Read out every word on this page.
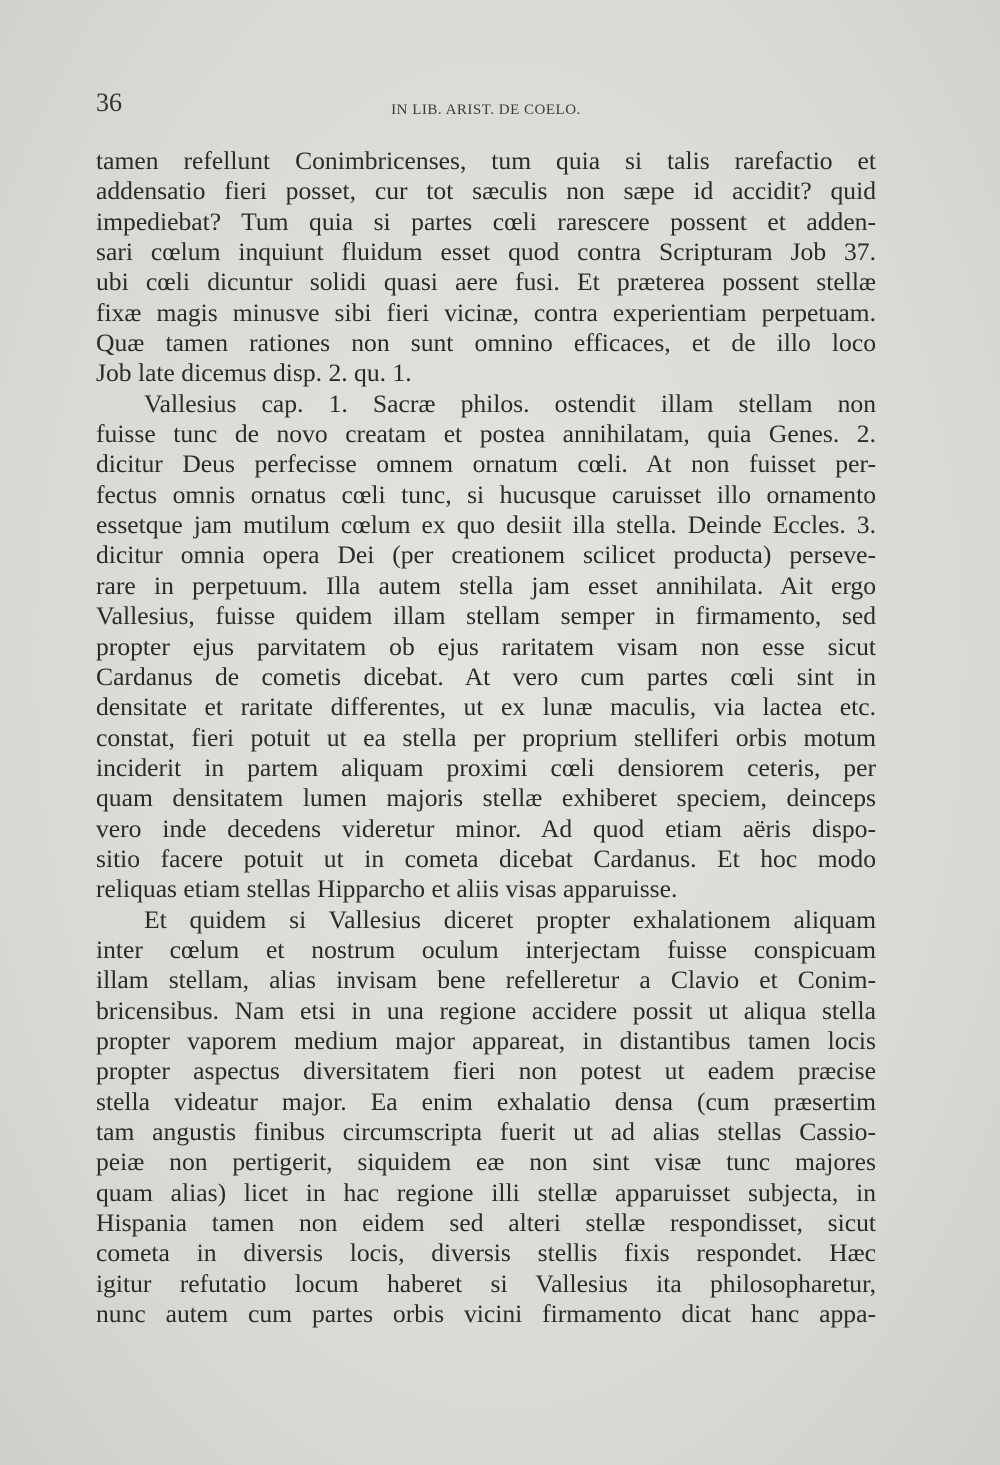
36	IN LIB. ARIST. DE COELO.
tamen refellunt Conimbricenses, tum quia si talis rarefactio et
addensatio fieri posset, cur tot sæculis non sæpe id accidit? quid
impediebat? Tum quia si partes cœli rarescere possent et adden-
sari cœlum inquiunt fluidum esset quod contra Scripturam Job 37.
ubi cœli dicuntur solidi quasi aere fusi. Et præterea possent stellæ
fixæ magis minusve sibi fieri vicinæ, contra experientiam perpetuam.
Quæ tamen rationes non sunt omnino efficaces, et de illo loco
Job late dicemus disp. 2. qu. 1.
Vallesius cap. 1. Sacræ philos. ostendit illam stellam non
fuisse tunc de novo creatam et postea annihilatam, quia Genes. 2.
dicitur Deus perfecisse omnem ornatum cœli. At non fuisset per-
fectus omnis ornatus cœli tunc, si hucusque caruisset illo ornamento
essetque jam mutilum cœlum ex quo desiit illa stella. Deinde Eccles. 3.
dicitur omnia opera Dei (per creationem scilicet producta) perseve-
rare in perpetuum. Illa autem stella jam esset annihilata. Ait ergo
Vallesius, fuisse quidem illam stellam semper in firmamento, sed
propter ejus parvitatem ob ejus raritatem visam non esse sicut
Cardanus de cometis dicebat. At vero cum partes cœli sint in
densitate et raritate differentes, ut ex lunæ maculis, via lactea etc.
constat, fieri potuit ut ea stella per proprium stelliferi orbis motum
inciderit in partem aliquam proximi cœli densiorem ceteris, per
quam densitatem lumen majoris stellæ exhiberet speciem, deinceps
vero inde decedens videretur minor. Ad quod etiam aëris dispo-
sitio facere potuit ut in cometa dicebat Cardanus. Et hoc modo
reliquas etiam stellas Hipparcho et aliis visas apparuisse.
Et quidem si Vallesius diceret propter exhalationem aliquam
inter cœlum et nostrum oculum interjectam fuisse conspicuam
illam stellam, alias invisam bene refelleretur a Clavio et Conim-
bricensibus. Nam etsi in una regione accidere possit ut aliqua stella
propter vaporem medium major appareat, in distantibus tamen locis
propter aspectus diversitatem fieri non potest ut eadem præcise
stella videatur major. Ea enim exhalatio densa (cum præsertim
tam angustis finibus circumscripta fuerit ut ad alias stellas Cassio-
peiæ non pertigerit, siquidem eæ non sint visæ tunc majores
quam alias) licet in hac regione illi stellæ apparuisset subjecta, in
Hispania tamen non eidem sed alteri stellæ respondisset, sicut
cometa in diversis locis, diversis stellis fixis respondet. Hæc
igitur refutatio locum haberet si Vallesius ita philosopharetur,
nunc autem cum partes orbis vicini firmamento dicat hanc appa-
